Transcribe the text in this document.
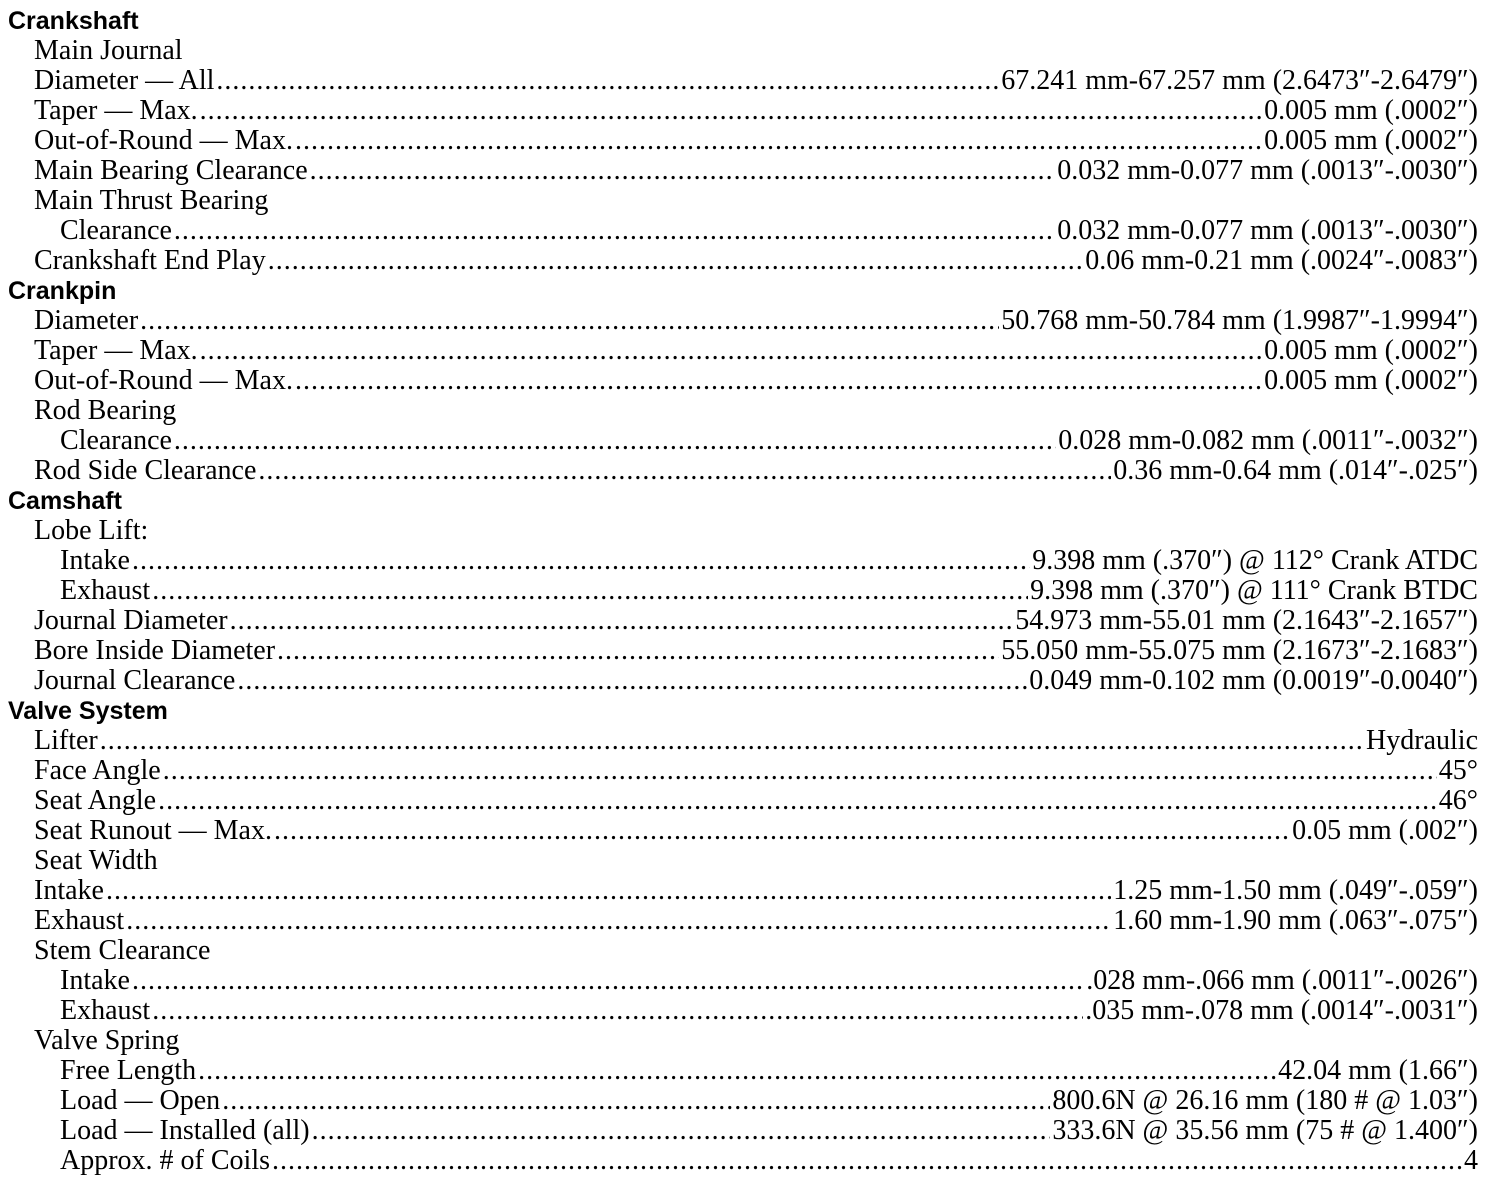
Crankshaft
Main Journal
Diameter — All .....	67.241 mm-67.257 mm (2.6473″-2.6479″)
Taper — Max. .....	0.005 mm (.0002″)
Out-of-Round — Max. .....	0.005 mm (.0002″)
Main Bearing Clearance .....	0.032 mm-0.077 mm (.0013″-.0030″)
Main Thrust Bearing
Clearance .....	0.032 mm-0.077 mm (.0013″-.0030″)
Crankshaft End Play .....	0.06 mm-0.21 mm (.0024″-.0083″)
Crankpin
Diameter .....	50.768 mm-50.784 mm (1.9987″-1.9994″)
Taper — Max. .....	0.005 mm (.0002″)
Out-of-Round — Max. .....	0.005 mm (.0002″)
Rod Bearing
Clearance .....	0.028 mm-0.082 mm (.0011″-.0032″)
Rod Side Clearance .....	0.36 mm-0.64 mm (.014″-.025″)
Camshaft
Lobe Lift:
Intake .....	9.398 mm (.370″) @ 112° Crank ATDC
Exhaust .....	9.398 mm (.370″) @ 111° Crank BTDC
Journal Diameter .....	54.973 mm-55.01 mm (2.1643″-2.1657″)
Bore Inside Diameter .....	55.050 mm-55.075 mm (2.1673″-2.1683″)
Journal Clearance .....	0.049 mm-0.102 mm (0.0019″-0.0040″)
Valve System
Lifter .....	Hydraulic
Face Angle .....	45°
Seat Angle .....	46°
Seat Runout — Max. .....	0.05 mm (.002″)
Seat Width
Intake .....	1.25 mm-1.50 mm (.049″-.059″)
Exhaust .....	1.60 mm-1.90 mm (.063″-.075″)
Stem Clearance
Intake .....	.028 mm-.066 mm (.0011″-.0026″)
Exhaust .....	.035 mm-.078 mm (.0014″-.0031″)
Valve Spring
Free Length .....	42.04 mm (1.66″)
Load — Open .....	800.6N @ 26.16 mm (180 # @ 1.03″)
Load — Installed (all) .....	333.6N @ 35.56 mm (75 # @ 1.400″)
Approx. # of Coils .....	4
